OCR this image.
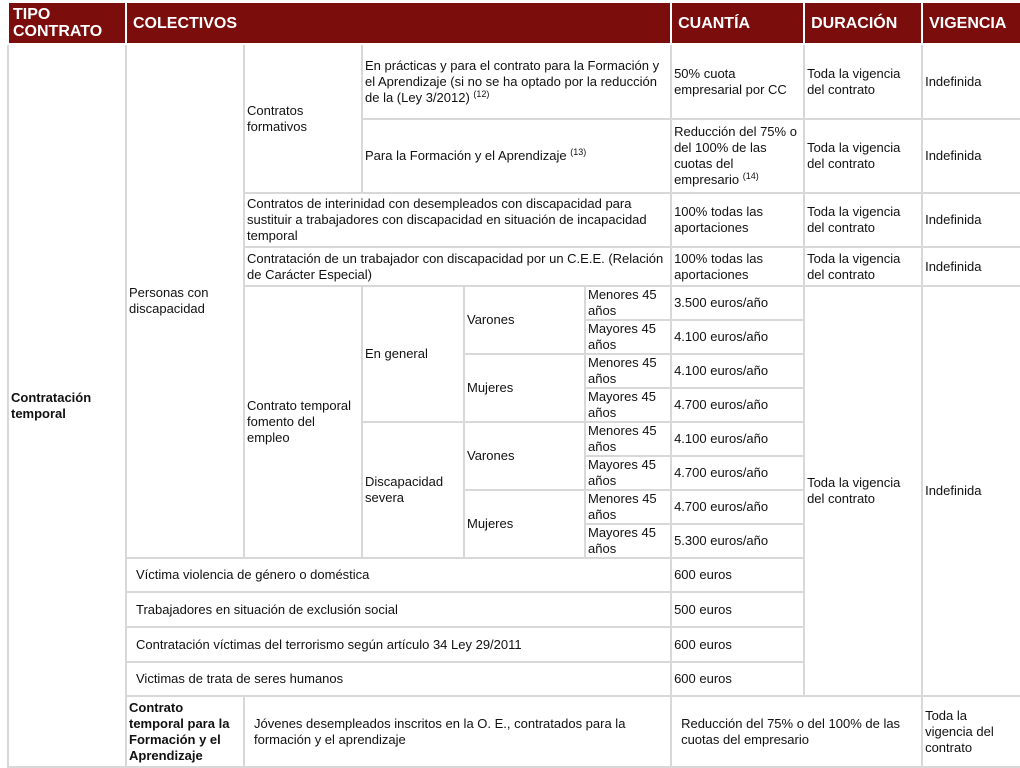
TIPO CONTRATO	COLECTIVOS					CUANTÍA	DURACIÓN	VIGENCIA	
Contratación temporal	Personas con discapacidad	Contratos formativos	En prácticas y para el contrato para la Formación y el Aprendizaje (si no se ha optado por la reducción de la (Ley 3/2012) $^{(12)}$			50% cuota empresarial por CC	Toda la vigencia del contrato	Indefinida	
			Para la Formación y el Aprendizaje $^{(13)}$			Reducción del 75% o del 100% de las cuotas del empresario $^{(14)}$	Toda la vigencia del contrato	Indefinida	
		Contratos de interinidad con desempleados con discapacidad para sustituir a trabajadores con discapacidad en situación de incapacidad temporal				100% todas las aportaciones	Toda la vigencia del contrato	Indefinida	
		Contratación de un trabajador con discapacidad por un C.E.E. (Relación de Carácter Especial)				100% todas las aportaciones	Toda la vigencia del contrato	Indefinida	
		Contrato temporal fomento del empleo	En general	Varones	Menores 45 años	3.500 euros/año	Toda la vigencia del contrato	Indefinida	
					Mayores 45 años	4.100 euros/año			
				Mujeres	Menores 45 años	4.100 euros/año			
					Mayores 45 años	4.700 euros/año			
			Discapacidad severa	Varones	Menores 45 años	4.100 euros/año			
					Mayores 45 años	4.700 euros/año			
				Mujeres	Menores 45 años	4.700 euros/año			
					Mayores 45 años	5.300 euros/año			
	Víctima violencia de género o doméstica					600 euros			
	Trabajadores en situación de exclusión social					500 euros			
	Contratación víctimas del terrorismo según artículo 34 Ley 29/2011					600 euros			
	Victimas de trata de seres humanos					600 euros			
	Contrato temporal para la Formación y el Aprendizaje	Jóvenes desempleados inscritos en la O. E., contratados para la formación y el aprendizaje				Reducción del 75% o del 100% de las cuotas del empresario		Toda la vigencia del contrato	
